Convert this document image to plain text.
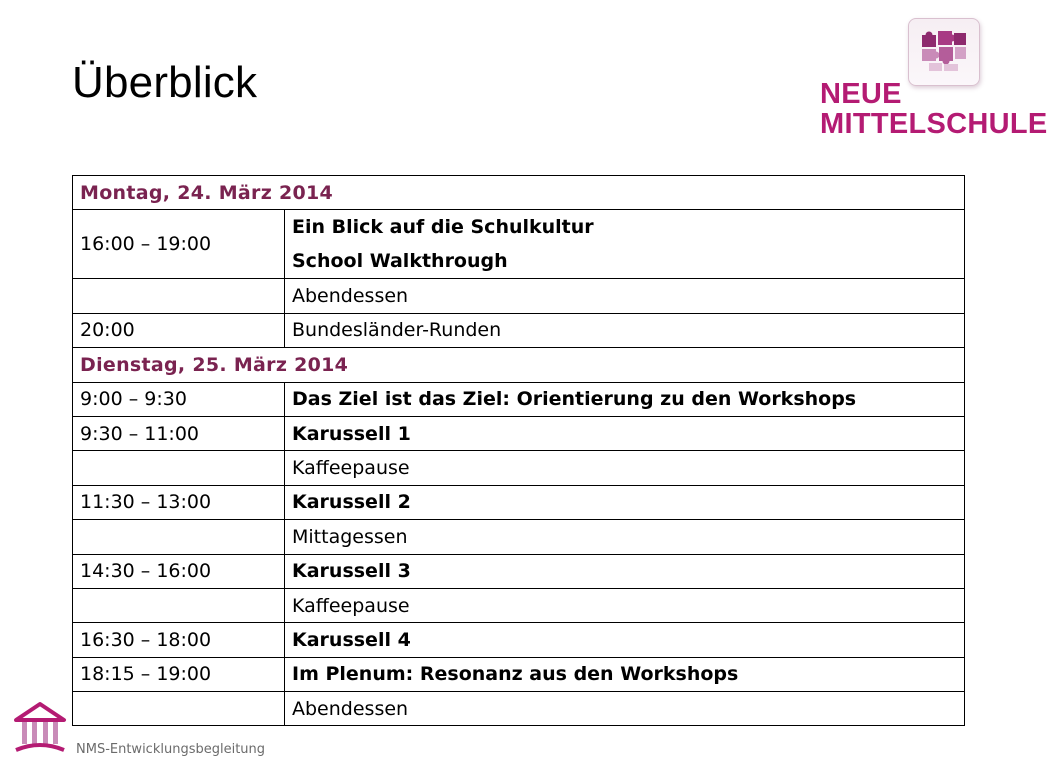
Überblick	NEUE
MITTELSCHULE
Montag, 24. März 2014	
16:00 – 19:00	Ein Blick auf die Schulkultur
School Walkthrough

	Abendessen
20:00	Bundesländer-Runden
Dienstag, 25. März 2014	
9:00 – 9:30	Das Ziel ist das Ziel: Orientierung zu den Workshops
9:30 – 11:00	Karussell 1
	Kaffeepause
11:30 – 13:00	Karussell 2
	Mittagessen
14:30 – 16:00	Karussell 3
	Kaffeepause
16:30 – 18:00	Karussell 4
18:15 – 19:00	Im Plenum: Resonanz aus den Workshops
	Abendessen
NMS-Entwicklungsbegleitung
